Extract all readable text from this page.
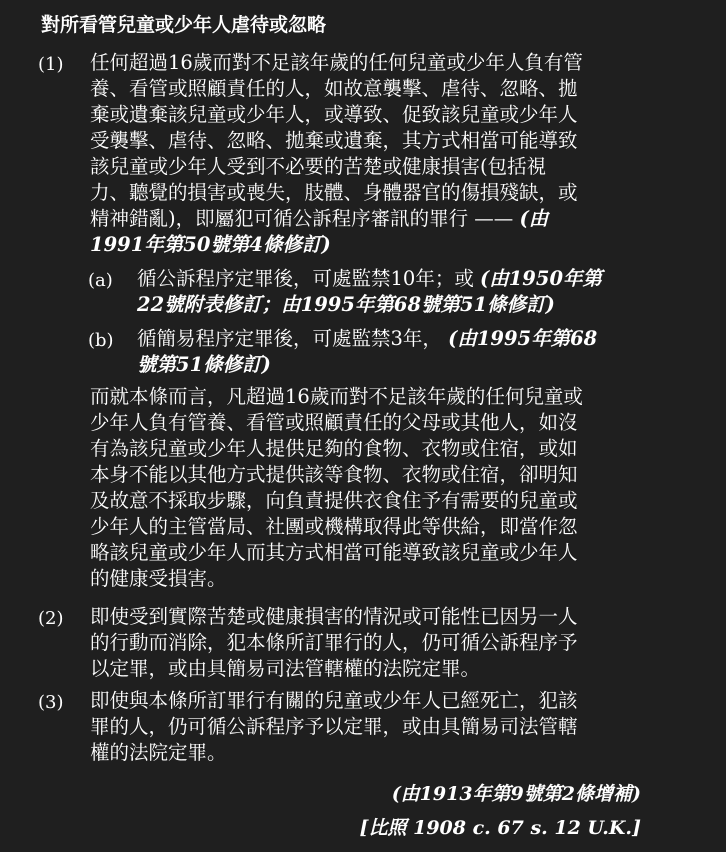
對所看管兒童或少年人虐待或忽略
(1) 任何超過16歲而對不足該年歲的任何兒童或少年人負有管
養、看管或照顧責任的人，如故意襲擊、虐待、忽略、拋
棄或遺棄該兒童或少年人，或導致、促致該兒童或少年人
受襲擊、虐待、忽略、拋棄或遺棄，其方式相當可能導致
該兒童或少年人受到不必要的苦楚或健康損害(包括視
力、聽覺的損害或喪失，肢體、身體器官的傷損殘缺，或
精神錯亂)，即屬犯可循公訴程序審訊的罪行 —— (由
1991年第50號第4條修訂)
(a) 循公訴程序定罪後，可處監禁10年；或 (由1950年第
22號附表修訂；由1995年第68號第51條修訂)
(b) 循簡易程序定罪後，可處監禁3年， (由1995年第68
號第51條修訂)
而就本條而言，凡超過16歲而對不足該年歲的任何兒童或
少年人負有管養、看管或照顧責任的父母或其他人，如沒
有為該兒童或少年人提供足夠的食物、衣物或住宿，或如
本身不能以其他方式提供該等食物、衣物或住宿，卻明知
及故意不採取步驟，向負責提供衣食住予有需要的兒童或
少年人的主管當局、社團或機構取得此等供給，即當作忽
略該兒童或少年人而其方式相當可能導致該兒童或少年人
的健康受損害。
(2) 即使受到實際苦楚或健康損害的情況或可能性已因另一人
的行動而消除，犯本條所訂罪行的人，仍可循公訴程序予
以定罪，或由具簡易司法管轄權的法院定罪。
(3) 即使與本條所訂罪行有關的兒童或少年人已經死亡，犯該
罪的人，仍可循公訴程序予以定罪，或由具簡易司法管轄
權的法院定罪。
(由1913年第9號第2條增補)
[比照 1908 c. 67 s. 12 U.K.]
